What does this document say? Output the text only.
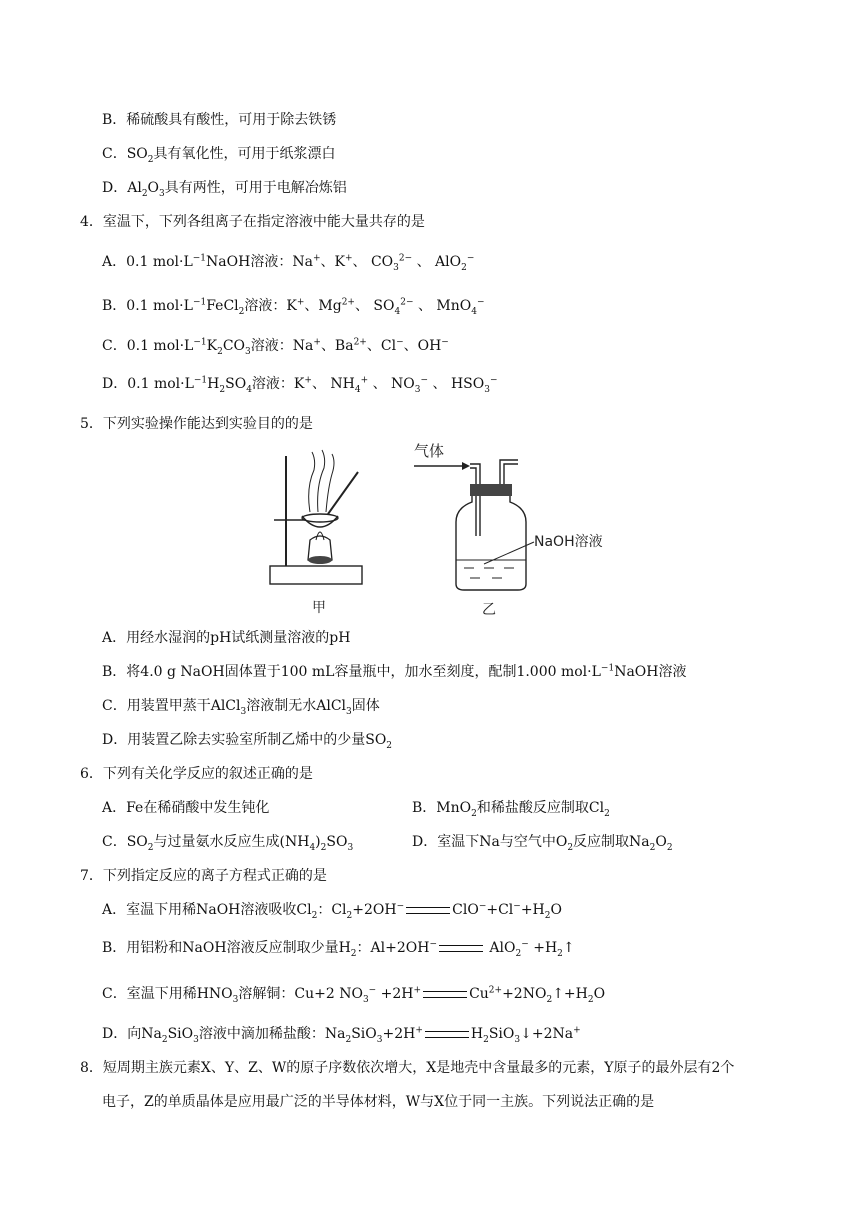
B．稀硫酸具有酸性，可用于除去铁锈
C．$SO_2$具有氧化性，可用于纸浆漂白
D．$Al_2O_3$具有两性，可用于电解冶炼铝
4．室温下，下列各组离子在指定溶液中能大量共存的是
A．0.1 $mol\cdot L^{-1}NaOH$溶液：Na+、K+、 $CO_3^{2-}$ 、 AlO$_2$−
B．0.1 $mol\cdot L^{-1}FeCl_2$溶液：K+、$Mg^{2+}$、 $SO_4^{2-}$ 、 MnO$_4$−
C．0.1 $mol\cdot L^{-1}K_2CO_3$溶液：Na+、$Ba^{2+}$、Cl−、OH−
D．0.1 $mol\cdot L^{-1}H_2SO_4$溶液：K+、 $NH_4^+$ 、 $NO_3^-$ 、 $HSO_3^-$
5．下列实验操作能达到实验目的的是
甲
气体
NaOH溶液
乙
A．用经水湿润的pH试纸测量溶液的pH
B．将4.0 g NaOH固体置于100 mL容量瓶中，加水至刻度，配制1.000 $mol\cdot L^{-1}NaOH$溶液
C．用装置甲蒸干AlCl$_3$溶液制无水AlCl$_3$固体
D．用装置乙除去实验室所制乙烯中的少量$SO_2$
6．下列有关化学反应的叙述正确的是
A．Fe在稀硝酸中发生钝化	B．MnO$_2$和稀盐酸反应制取$Cl_2$
C．$SO_2$与过量氨水反应生成$(NH_4)_2SO_3$	D．室温下Na与空气中$O_2$反应制取$Na_2O_2$
7．下列指定反应的离子方程式正确的是
A．室温下用稀NaOH溶液吸收$Cl_2$：$Cl_2+2OH^-$	$ClO^-+Cl^-+H_2O$
B．用铝粉和NaOH溶液反应制取少量$H_2$：Al+2OH−	$AlO_2^- +H_2↑$
C．室温下用稀$HNO_3$溶解铜：Cu+2 $NO_3^- +2H^+$	$Cu^{2+}+2NO_2↑+H_2O$
D．向$Na_2SiO_3$溶液中滴加稀盐酸：$Na_2SiO_3+2H^+$	$H_2SiO_3↓+2Na^+$
8．短周期主族元素X、Y、Z、W的原子序数依次增大，X是地壳中含量最多的元素，Y原子的最外层有2个
电子，Z的单质晶体是应用最广泛的半导体材料，W与X位于同一主族。下列说法正确的是
